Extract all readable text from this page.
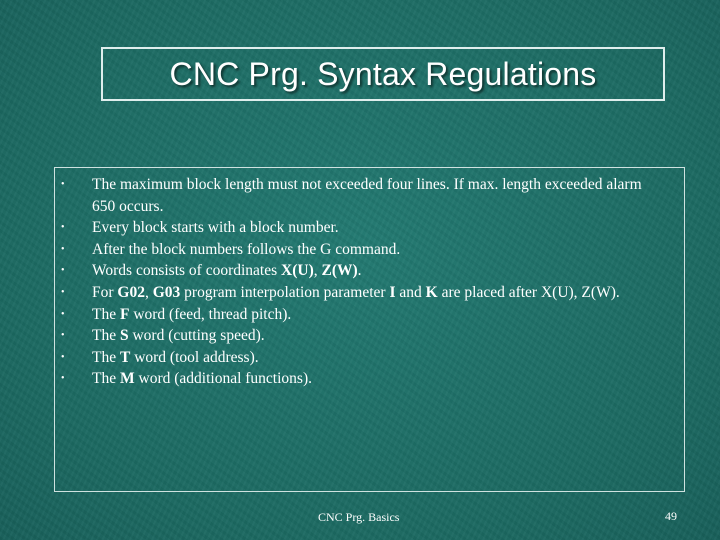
CNC Prg. Syntax Regulations
• The maximum block length must not exceeded four lines. If max. length exceeded alarm 650 occurs.
• Every block starts with a block number.
• After the block numbers follows the G command.
• Words consists of coordinates X(U), Z(W).
• For G02, G03 program interpolation parameter I and K are placed after X(U), Z(W).
• The F word (feed, thread pitch).
• The S word (cutting speed).
• The T word (tool address).
• The M word (additional functions).
CNC Prg. Basics	49
